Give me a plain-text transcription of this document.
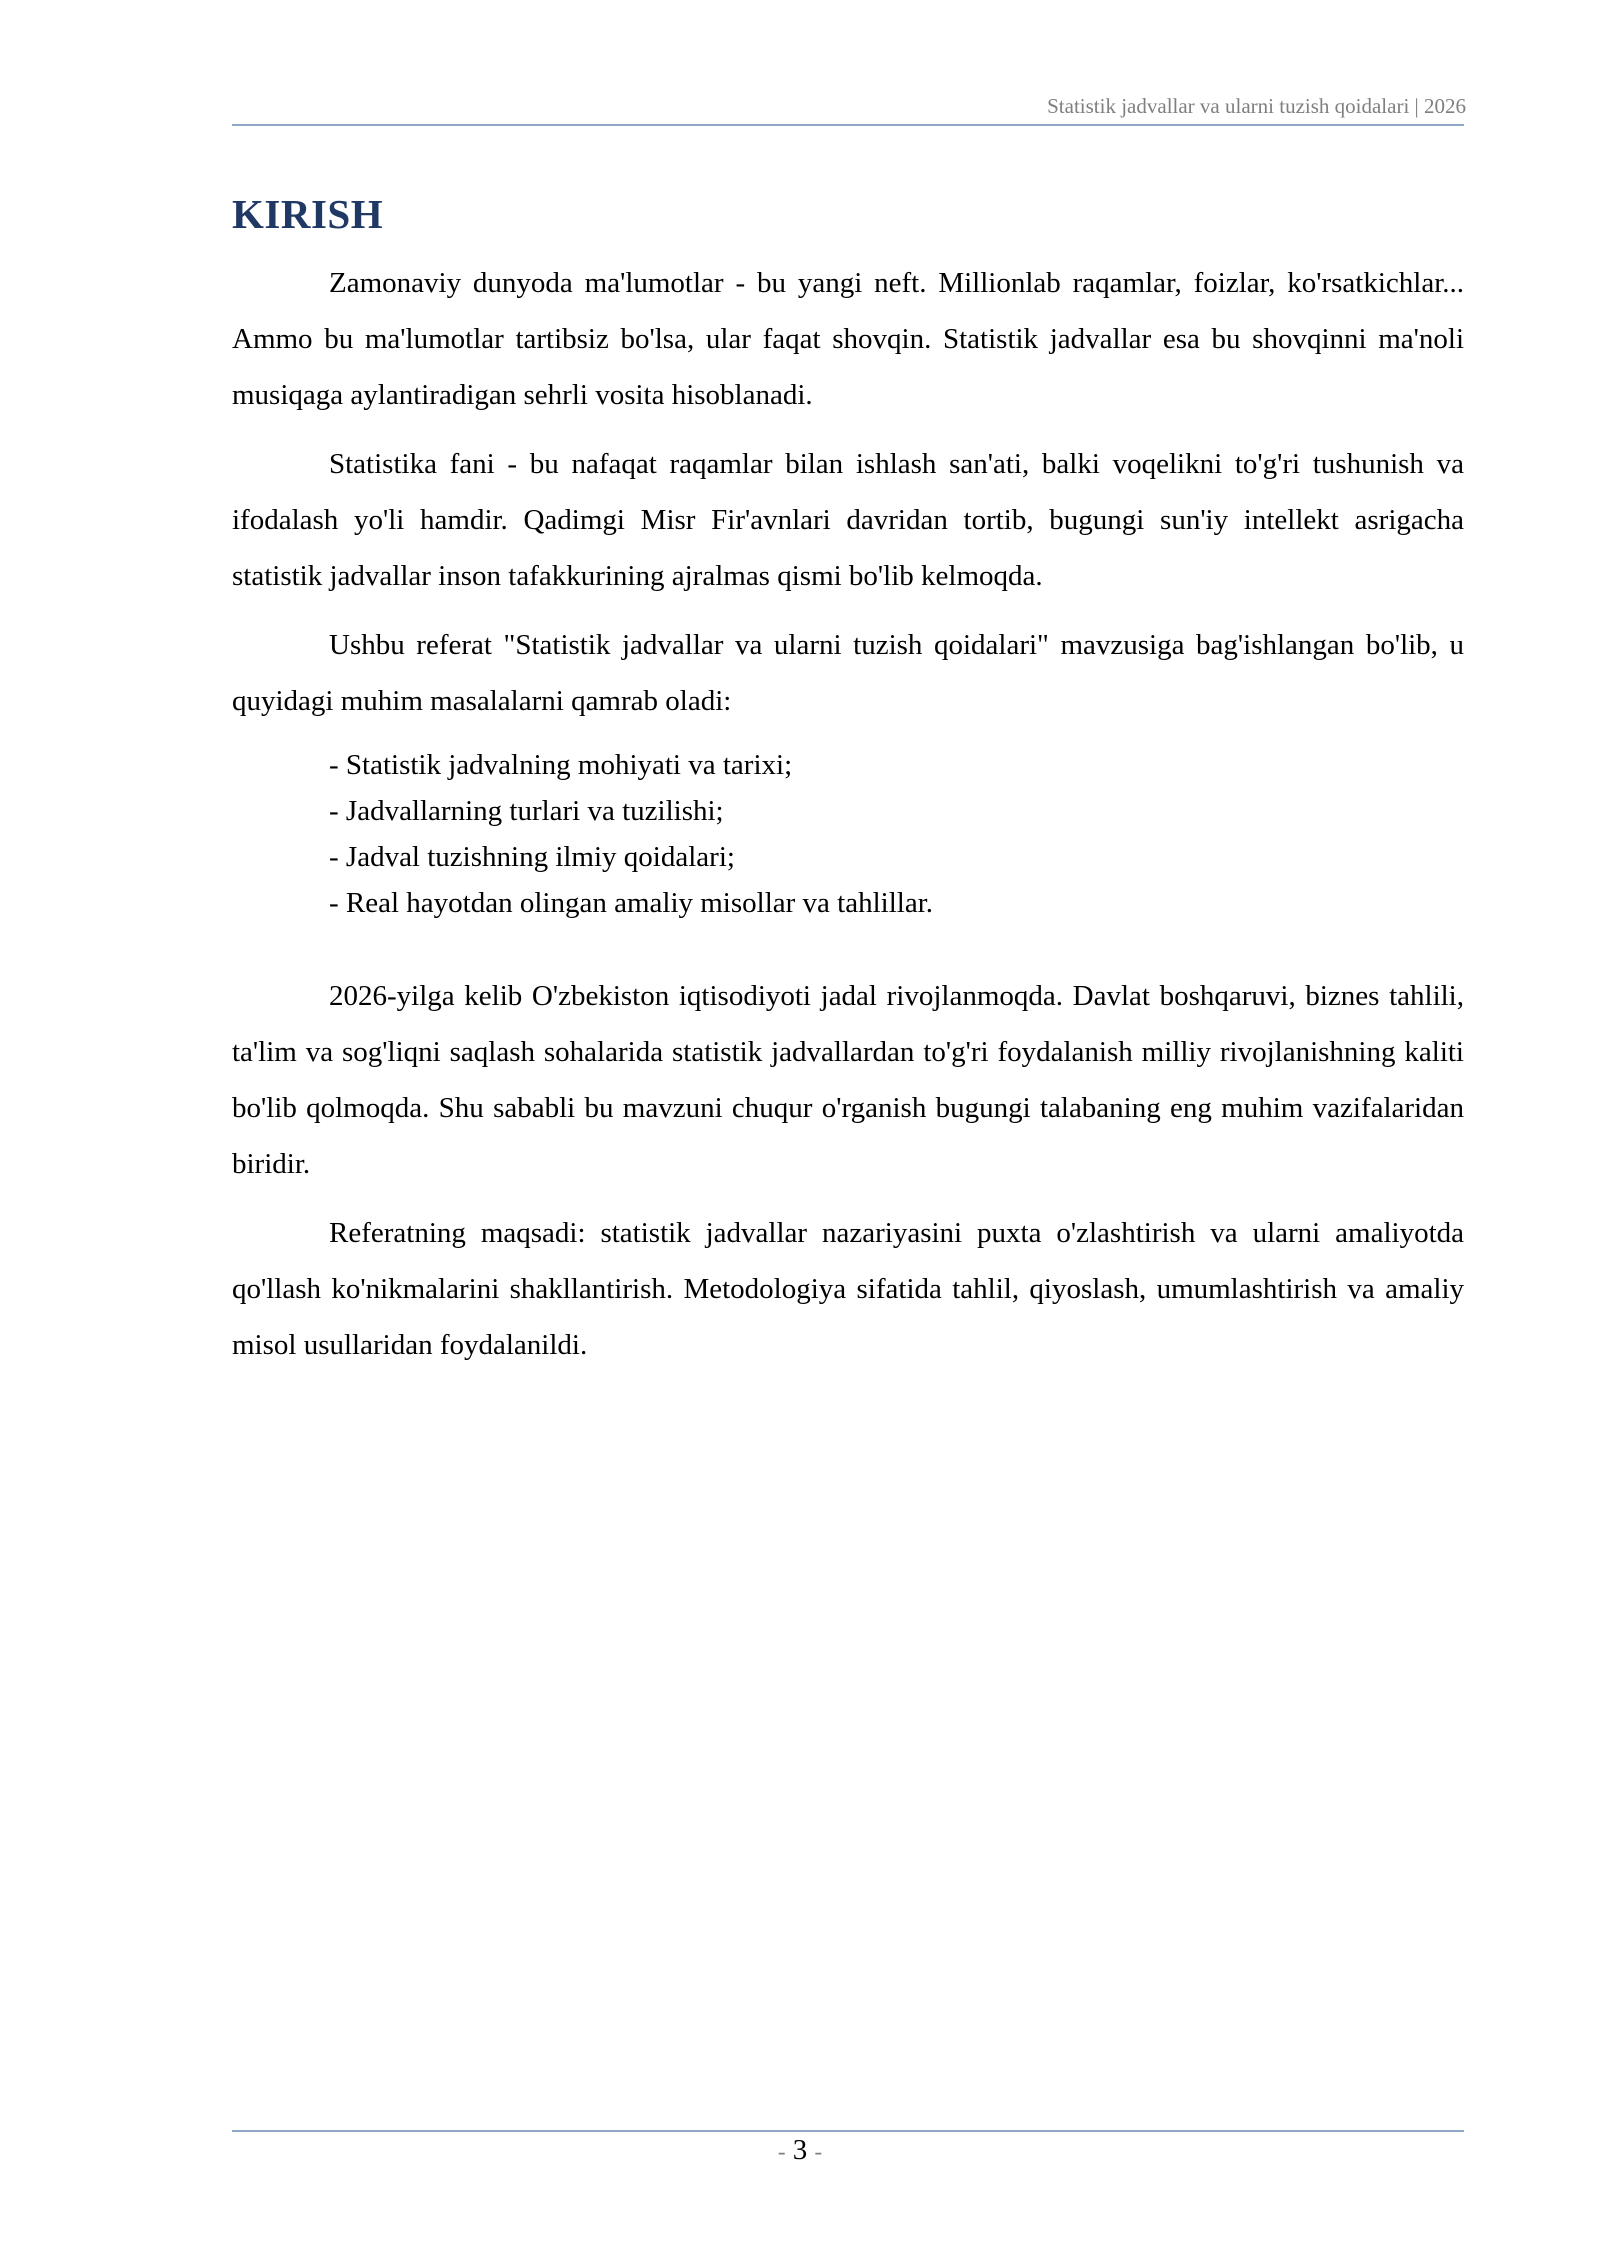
Statistik jadvallar va ularni tuzish qoidalari | 2026
KIRISH

Zamonaviy dunyoda ma'lumotlar - bu yangi neft. Millionlab raqamlar, foizlar, ko'rsatkichlar... Ammo bu ma'lumotlar tartibsiz bo'lsa, ular faqat shovqin. Statistik jadvallar esa bu shovqinni ma'noli musiqaga aylantiradigan sehrli vosita hisoblanadi.

Statistika fani - bu nafaqat raqamlar bilan ishlash san'ati, balki voqelikni to'g'ri tushunish va ifodalash yo'li hamdir. Qadimgi Misr Fir'avnlari davridan tortib, bugungi sun'iy intellekt asrigacha statistik jadvallar inson tafakkurining ajralmas qismi bo'lib kelmoqda.

Ushbu referat "Statistik jadvallar va ularni tuzish qoidalari" mavzusiga bag'ishlangan bo'lib, u quyidagi muhim masalalarni qamrab oladi:

- Statistik jadvalning mohiyati va tarixi;
- Jadvallarning turlari va tuzilishi;
- Jadval tuzishning ilmiy qoidalari;
- Real hayotdan olingan amaliy misollar va tahlillar.

2026-yilga kelib O'zbekiston iqtisodiyoti jadal rivojlanmoqda. Davlat boshqaruvi, biznes tahlili, ta'lim va sog'liqni saqlash sohalarida statistik jadvallardan to'g'ri foydalanish milliy rivojlanishning kaliti bo'lib qolmoqda. Shu sababli bu mavzuni chuqur o'rganish bugungi talabaning eng muhim vazifalaridan biridir.

Referatning maqsadi: statistik jadvallar nazariyasini puxta o'zlashtirish va ularni amaliyotda qo'llash ko'nikmalarini shakllantirish. Metodologiya sifatida tahlil, qiyoslash, umumlashtirish va amaliy misol usullaridan foydalanildi.

- 3 -
